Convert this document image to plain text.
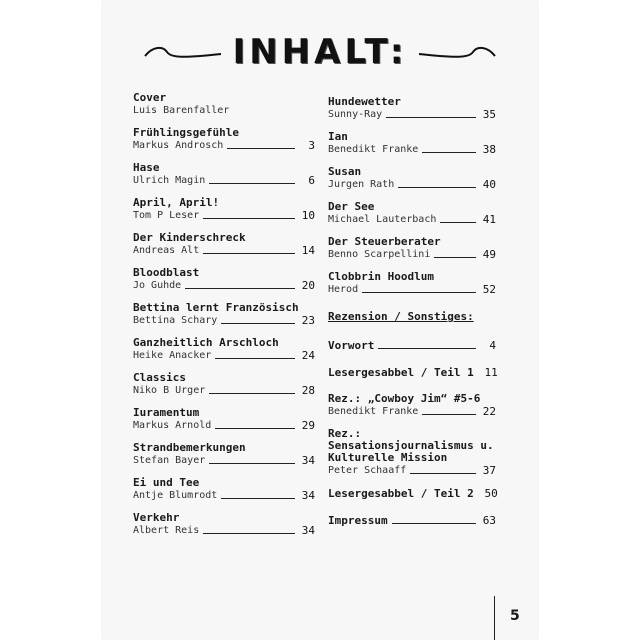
INHALT:
Cover
Luis Barenfaller
Frühlingsgefühle
Markus Androsch	3
Hase
Ulrich Magin	6
April, April!
Tom P Leser	10
Der Kinderschreck
Andreas Alt	14
Bloodblast
Jo Guhde	20
Bettina lernt Französisch
Bettina Schary	23
Ganzheitlich Arschloch
Heike Anacker	24
Classics
Niko B Urger	28
Iuramentum
Markus Arnold	29
Strandbemerkungen
Stefan Bayer	34
Ei und Tee
Antje Blumrodt	34
Verkehr
Albert Reis	34
Hundewetter
Sunny-Ray	35
Ian
Benedikt Franke	38
Susan
Jurgen Rath	40
Der See
Michael Lauterbach	41
Der Steuerberater
Benno Scarpellini	49
Clobbrin Hoodlum
Herod	52
Rezension / Sonstiges:
Vorwort	4
Lesergesabbel / Teil 1 11
Rez.: „Cowboy Jim“ #5-6
Benedikt Franke	22
Rez.:
Sensationsjournalismus u.
Kulturelle Mission
Peter Schaaff	37
Lesergesabbel / Teil 2 50
Impressum	63
5
